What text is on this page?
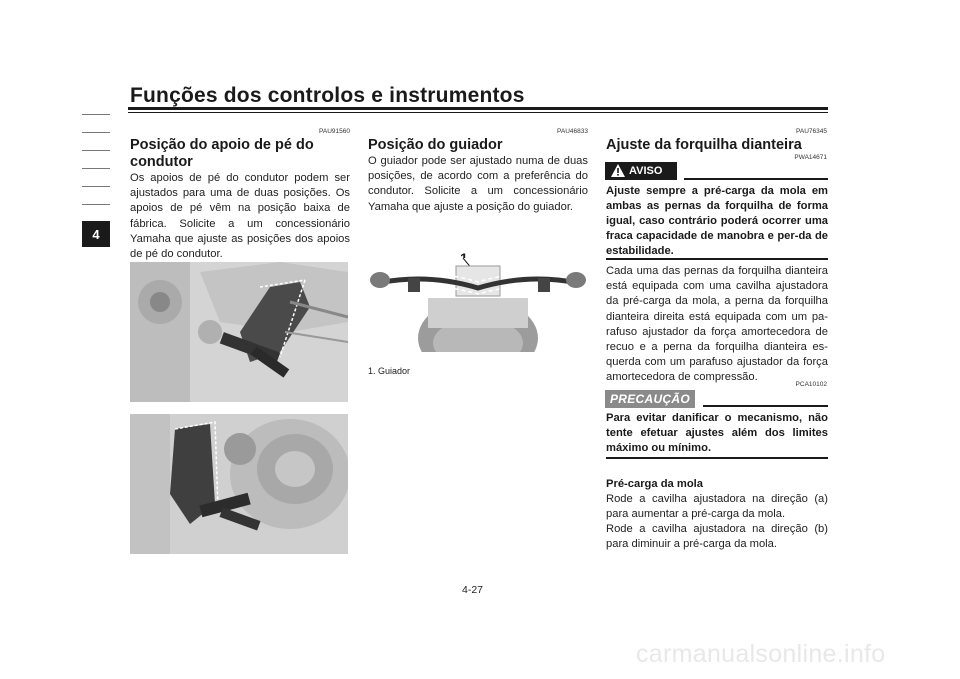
Funções dos controlos e instrumentos
4
PAU91560
Posição do apoio de pé do condutor
Os apoios de pé do condutor podem ser ajustados para uma de duas posições. Os apoios de pé vêm na posição baixa de fábrica. Solicite a um concessionário Yamaha que ajuste as posições dos apoios de pé do condutor.
PAU46833
Posição do guiador
O guiador pode ser ajustado numa de duas posições, de acordo com a preferência do condutor. Solicite a um concessionário Yamaha que ajuste a posição do guiador.
1. Guiador
PAU76345
Ajuste da forquilha dianteira
PWA14671
AVISO
Ajuste sempre a pré-carga da mola em ambas as pernas da forquilha de forma igual, caso contrário poderá ocorrer uma fraca capacidade de manobra e per-da de estabilidade.
Cada uma das pernas da forquilha dianteira está equipada com uma cavilha ajustadora da pré-carga da mola, a perna da forquilha dianteira direita está equipada com um pa-rafuso ajustador da força amortecedora de recuo e a perna da forquilha dianteira es-querda com um parafuso ajustador da força amortecedora de compressão.
PCA10102
PRECAUÇÃO
Para evitar danificar o mecanismo, não tente efetuar ajustes além dos limites máximo ou mínimo.
Pré-carga da mola
Rode a cavilha ajustadora na direção (a) para aumentar a pré-carga da mola.
Rode a cavilha ajustadora na direção (b) para diminuir a pré-carga da mola.
4-27
carmanualsonline.info
